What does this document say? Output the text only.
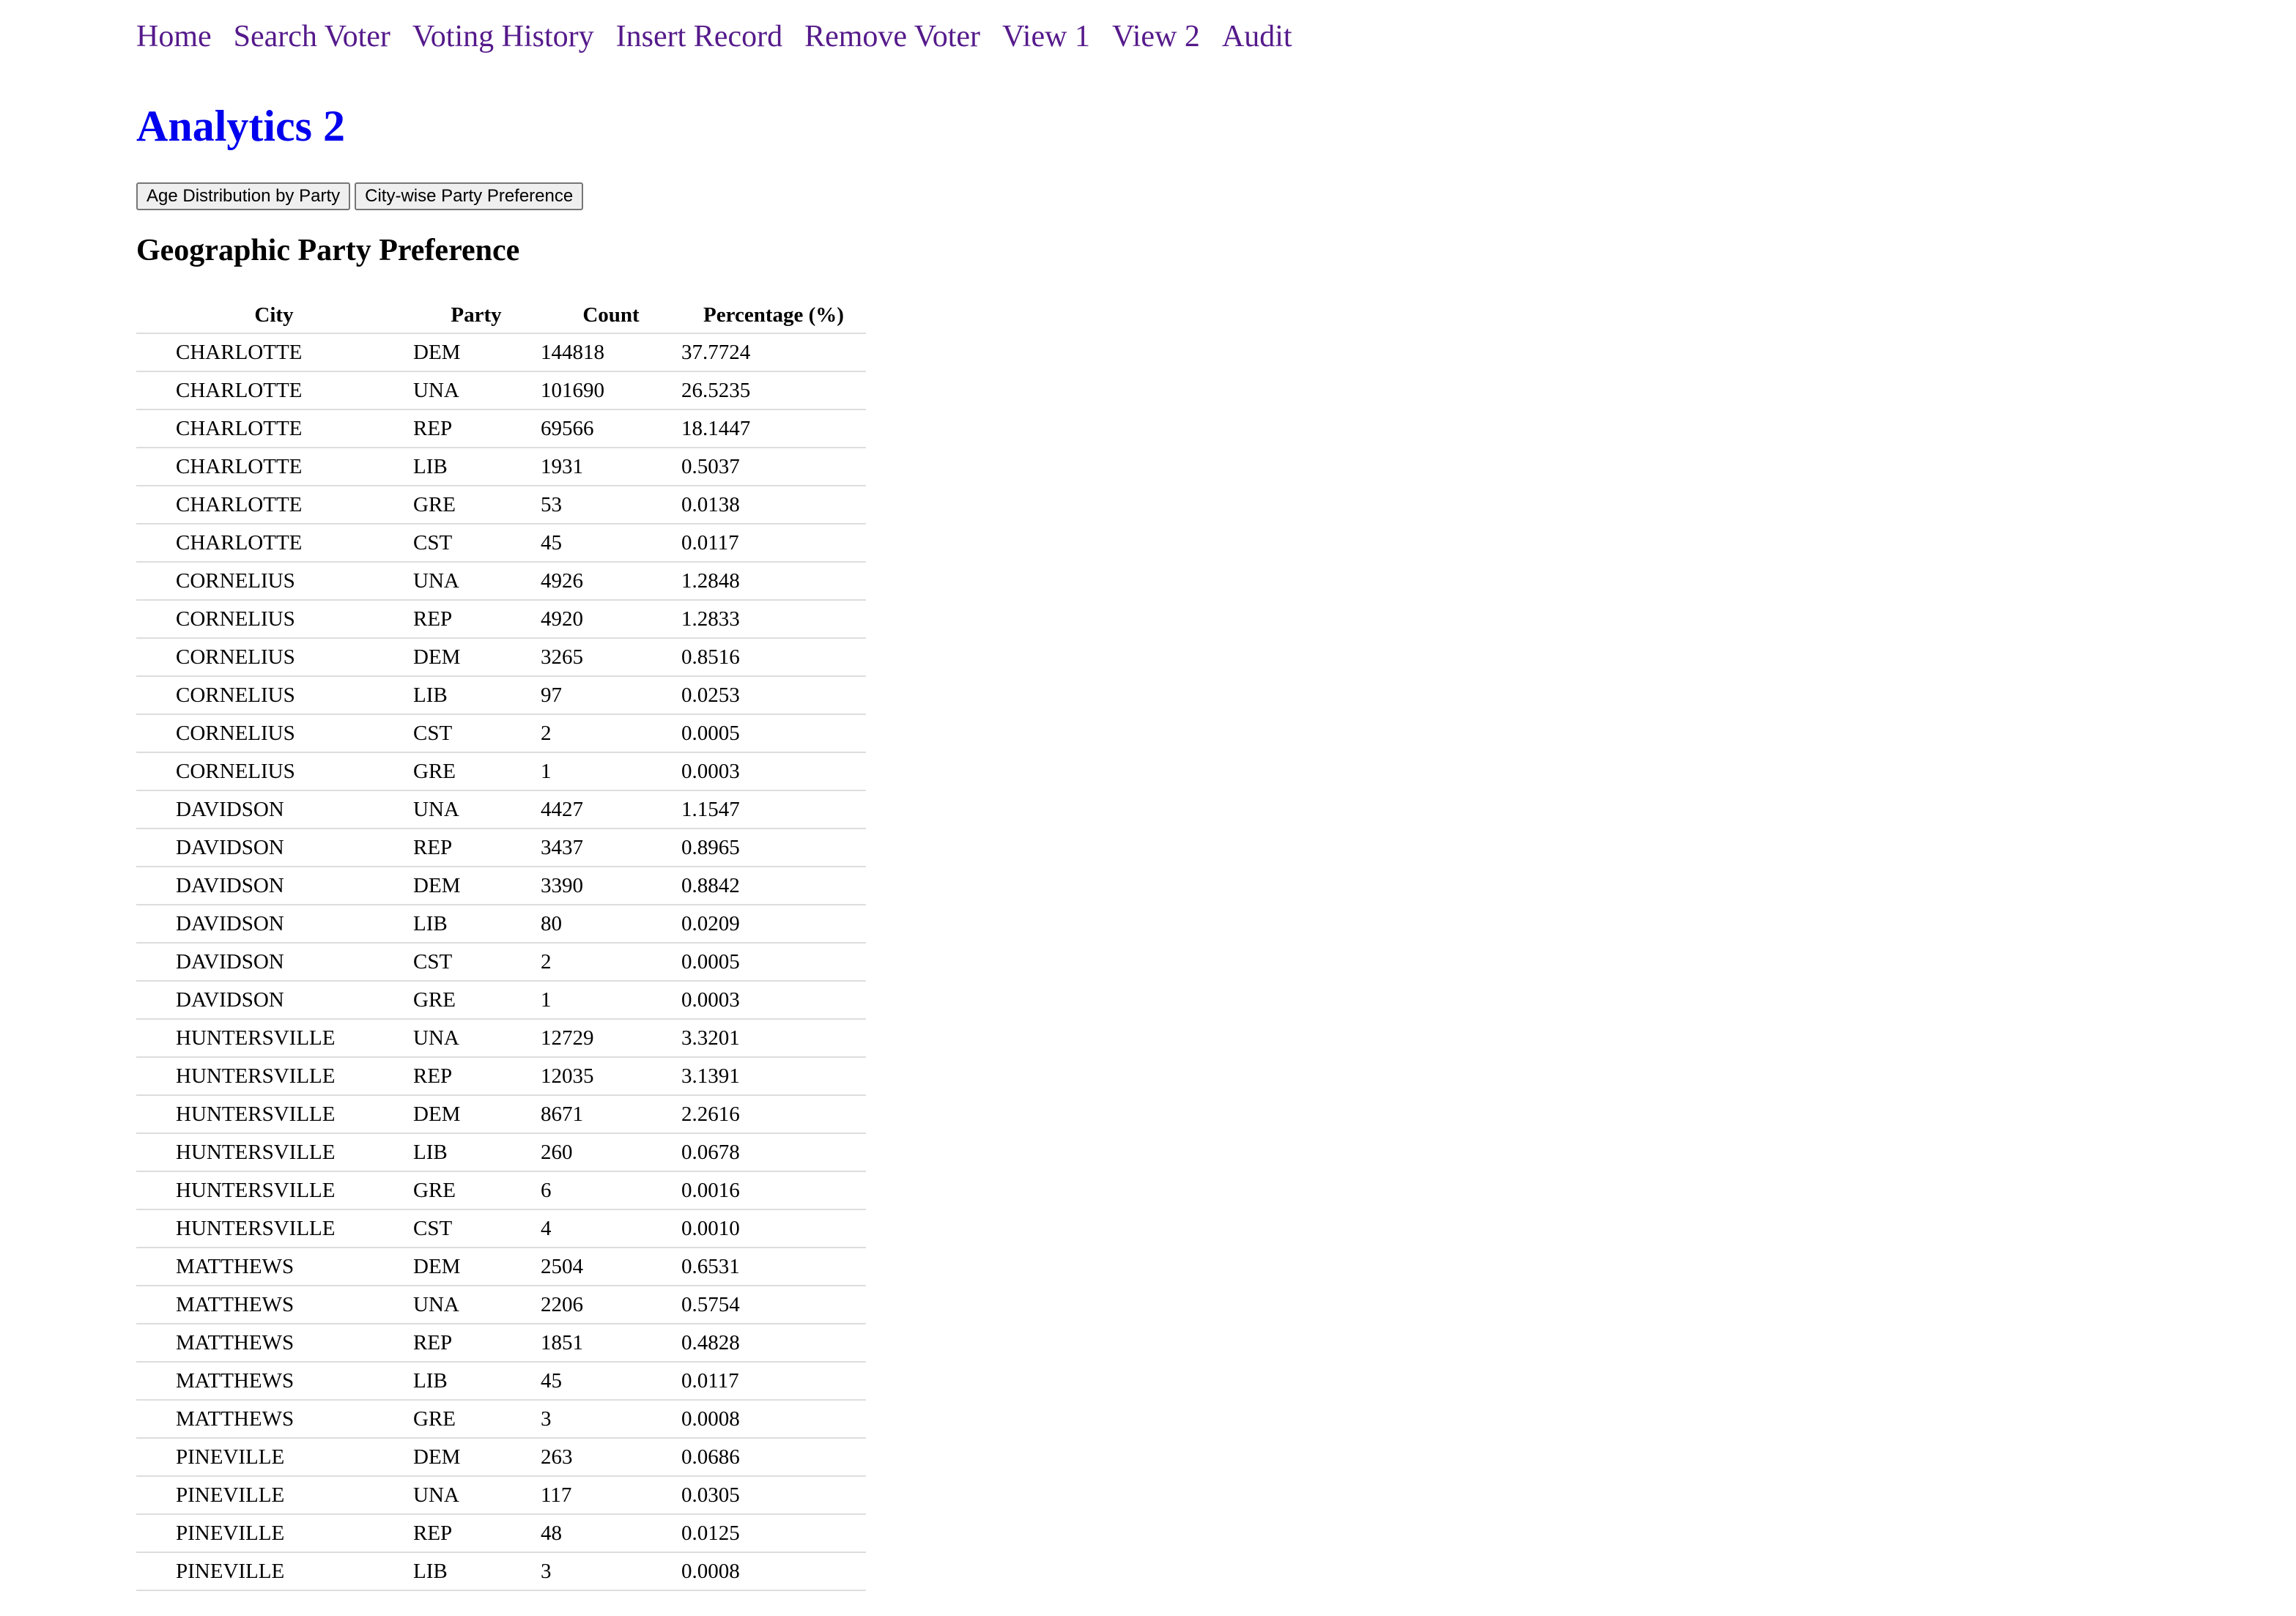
Home Search Voter Voting History Insert Record Remove Voter View 1 View 2 Audit
Analytics 2
Age Distribution by Party	City-wise Party Preference
Geographic Party Preference
City	Party	Count	Percentage (%)
CHARLOTTE	DEM	144818	37.7724
CHARLOTTE	UNA	101690	26.5235
CHARLOTTE	REP	69566	18.1447
CHARLOTTE	LIB	1931	0.5037
CHARLOTTE	GRE	53	0.0138
CHARLOTTE	CST	45	0.0117
CORNELIUS	UNA	4926	1.2848
CORNELIUS	REP	4920	1.2833
CORNELIUS	DEM	3265	0.8516
CORNELIUS	LIB	97	0.0253
CORNELIUS	CST	2	0.0005
CORNELIUS	GRE	1	0.0003
DAVIDSON	UNA	4427	1.1547
DAVIDSON	REP	3437	0.8965
DAVIDSON	DEM	3390	0.8842
DAVIDSON	LIB	80	0.0209
DAVIDSON	CST	2	0.0005
DAVIDSON	GRE	1	0.0003
HUNTERSVILLE	UNA	12729	3.3201
HUNTERSVILLE	REP	12035	3.1391
HUNTERSVILLE	DEM	8671	2.2616
HUNTERSVILLE	LIB	260	0.0678
HUNTERSVILLE	GRE	6	0.0016
HUNTERSVILLE	CST	4	0.0010
MATTHEWS	DEM	2504	0.6531
MATTHEWS	UNA	2206	0.5754
MATTHEWS	REP	1851	0.4828
MATTHEWS	LIB	45	0.0117
MATTHEWS	GRE	3	0.0008
PINEVILLE	DEM	263	0.0686
PINEVILLE	UNA	117	0.0305
PINEVILLE	REP	48	0.0125
PINEVILLE	LIB	3	0.0008
